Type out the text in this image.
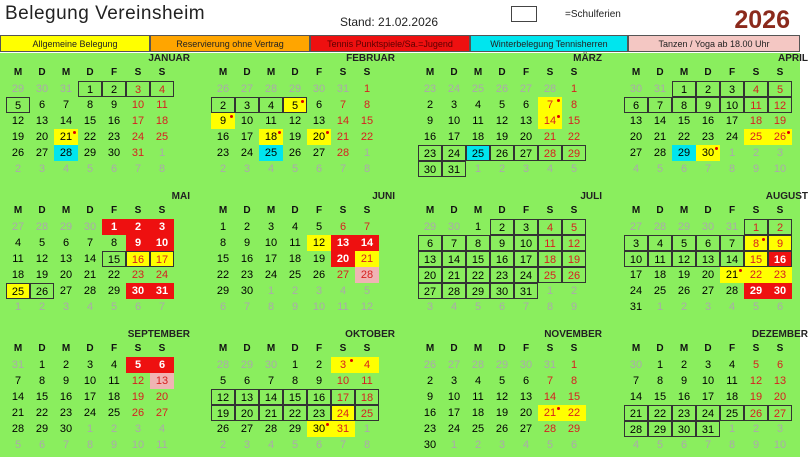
Belegung Vereinsheim	Stand: 21.02.2026
=Schulferien	2026
Allgemeine Belegung	Reservierung ohne Vertrag	Tennis Punktspiele/Sa.=Jugend	Winterbelegung Tennisherren	Tanzen / Yoga ab 18.00 Uhr
JANUAR
M	D	M	D	F	S	S
29	30	31	1	2	3	4
5	6	7	8	9	10	11
12	13	14	15	16	17	18
19	20	21	22	23	24	25
26	27	28	29	30	31	1
2	3	4	5	6	7	8
FEBRUAR
M	D	M	D	F	S	S
26	27	28	29	30	31	1
2	3	4	5	6	7	8
9	10	11	12	13	14	15
16	17	18	19	20	21	22
23	24	25	26	27	28	1
2	3	4	5	6	7	8
MÄRZ
M	D	M	D	F	S	S
23	24	25	26	27	28	1
2	3	4	5	6	7	8
9	10	11	12	13	14	15
16	17	18	19	20	21	22
23	24	25	26	27	28	29
30	31	1	2	3	4	5
APRIL
M	D	M	D	F	S	S
30	31	1	2	3	4	5
6	7	8	9	10	11	12
13	14	15	16	17	18	19
20	21	22	23	24	25	26
27	28	29	30	1	2	3
4	5	6	7	8	9	10
MAI
M	D	M	D	F	S	S
27	28	29	30	1	2	3
4	5	6	7	8	9	10
11	12	13	14	15	16	17
18	19	20	21	22	23	24
25	26	27	28	29	30	31
1	2	3	4	5	6	7
JUNI
M	D	M	D	F	S	S
1	2	3	4	5	6	7
8	9	10	11	12	13	14
15	16	17	18	19	20	21
22	23	24	25	26	27	28
29	30	1	2	3	4	5
6	7	8	9	10	11	12
JULI
M	D	M	D	F	S	S
29	30	1	2	3	4	5
6	7	8	9	10	11	12
13	14	15	16	17	18	19
20	21	22	23	24	25	26
27	28	29	30	31	1	2
3	4	5	6	7	8	9
AUGUST
M	D	M	D	F	S	S
27	28	29	30	31	1	2
3	4	5	6	7	8	9
10	11	12	13	14	15	16
17	18	19	20	21	22	23
24	25	26	27	28	29	30
31	1	2	3	4	5	6
SEPTEMBER
M	D	M	D	F	S	S
31	1	2	3	4	5	6
7	8	9	10	11	12	13
14	15	16	17	18	19	20
21	22	23	24	25	26	27
28	29	30	1	2	3	4
5	6	7	8	9	10	11
OKTOBER
M	D	M	D	F	S	S
28	29	30	1	2	3	4
5	6	7	8	9	10	11
12	13	14	15	16	17	18
19	20	21	22	23	24	25
26	27	28	29	30	31	1
2	3	4	5	6	7	8
NOVEMBER
M	D	M	D	F	S	S
26	27	28	29	30	31	1
2	3	4	5	6	7	8
9	10	11	12	13	14	15
16	17	18	19	20	21	22
23	24	25	26	27	28	29
30	1	2	3	4	5	6
DEZEMBER
M	D	M	D	F	S	S
30	1	2	3	4	5	6
7	8	9	10	11	12	13
14	15	16	17	18	19	20
21	22	23	24	25	26	27
28	29	30	31	1	2	3
4	5	6	7	8	9	10
